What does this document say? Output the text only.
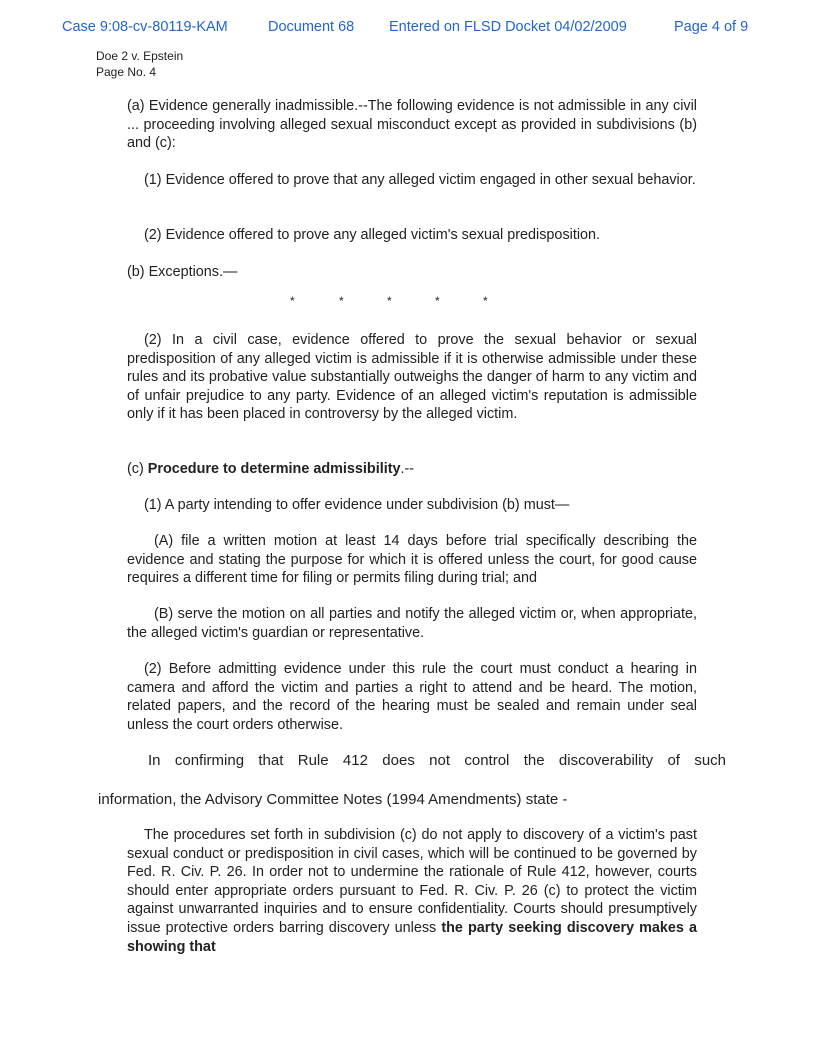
Case 9:08-cv-80119-KAM	Document 68 Entered on FLSD Docket 04/02/2009	Page 4 of 9
Doe 2 v. Epstein
Page No. 4
(a) Evidence generally inadmissible.--The following evidence is not admissible in any civil ... proceeding involving alleged sexual misconduct except as provided in subdivisions (b) and (c):
(1) Evidence offered to prove that any alleged victim engaged in other sexual behavior.
(2) Evidence offered to prove any alleged victim's sexual predisposition.
(b) Exceptions.—
*	*	*	*	*
(2) In a civil case, evidence offered to prove the sexual behavior or sexual predisposition of any alleged victim is admissible if it is otherwise admissible under these rules and its probative value substantially outweighs the danger of harm to any victim and of unfair prejudice to any party. Evidence of an alleged victim's reputation is admissible only if it has been placed in controversy by the alleged victim.
(c) Procedure to determine admissibility.--
(1) A party intending to offer evidence under subdivision (b) must—
(A) file a written motion at least 14 days before trial specifically describing the evidence and stating the purpose for which it is offered unless the court, for good cause requires a different time for filing or permits filing during trial; and
(B) serve the motion on all parties and notify the alleged victim or, when appropriate, the alleged victim's guardian or representative.
(2) Before admitting evidence under this rule the court must conduct a hearing in camera and afford the victim and parties a right to attend and be heard. The motion, related papers, and the record of the hearing must be sealed and remain under seal unless the court orders otherwise.
In confirming that Rule 412 does not control the discoverability of such
information, the Advisory Committee Notes (1994 Amendments) state -
The procedures set forth in subdivision (c) do not apply to discovery of a victim's past sexual conduct or predisposition in civil cases, which will be continued to be governed by Fed. R. Civ. P. 26. In order not to undermine the rationale of Rule 412, however, courts should enter appropriate orders pursuant to Fed. R. Civ. P. 26 (c) to protect the victim against unwarranted inquiries and to ensure confidentiality. Courts should presumptively issue protective orders barring discovery unless the party seeking discovery makes a showing that
